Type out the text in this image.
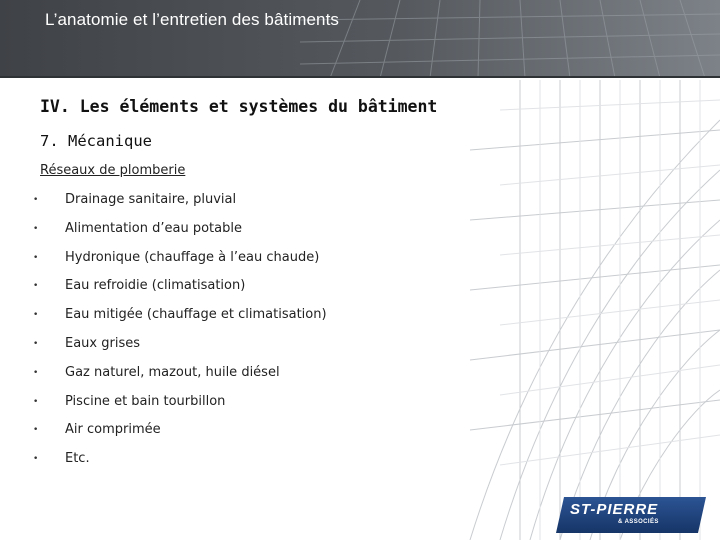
L’anatomie et l’entretien des bâtiments
IV. Les éléments et systèmes du bâtiment
7. Mécanique
Réseaux de plomberie
• Drainage sanitaire, pluvial
• Alimentation d’eau potable
• Hydronique (chauffage à l’eau chaude)
• Eau refroidie (climatisation)
• Eau mitigée (chauffage et climatisation)
• Eaux grises
• Gaz naturel, mazout, huile diésel
• Piscine et bain tourbillon
• Air comprimée
• Etc.
ST-PIERRE
& ASSOCIÉS
